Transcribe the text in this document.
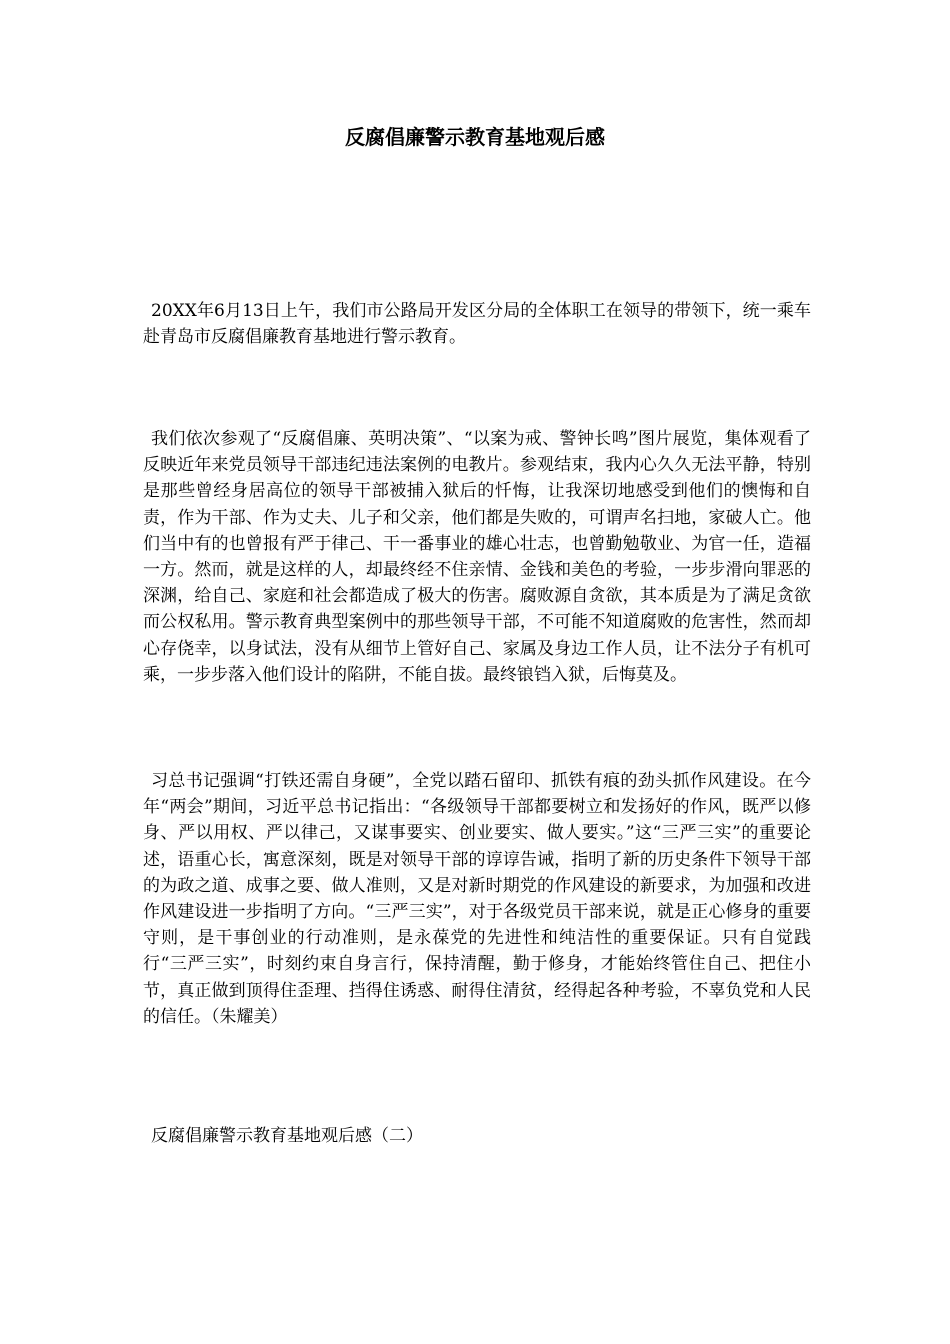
反腐倡廉警示教育基地观后感

20XX年6月13日上午，我们市公路局开发区分局的全体职工在领导的带领下，统一乘车赴青岛市反腐倡廉教育基地进行警示教育。

我们依次参观了“反腐倡廉、英明决策”、“以案为戒、警钟长鸣”图片展览，集体观看了反映近年来党员领导干部违纪违法案例的电教片。参观结束，我内心久久无法平静，特别是那些曾经身居高位的领导干部被捕入狱后的忏悔，让我深切地感受到他们的懊悔和自责，作为干部、作为丈夫、儿子和父亲，他们都是失败的，可谓声名扫地，家破人亡。他们当中有的也曾报有严于律己、干一番事业的雄心壮志，也曾勤勉敬业、为官一任，造福一方。然而，就是这样的人，却最终经不住亲情、金钱和美色的考验，一步步滑向罪恶的深渊，给自己、家庭和社会都造成了极大的伤害。腐败源自贪欲，其本质是为了满足贪欲而公权私用。警示教育典型案例中的那些领导干部，不可能不知道腐败的危害性，然而却心存侥幸，以身试法，没有从细节上管好自己、家属及身边工作人员，让不法分子有机可乘，一步步落入他们设计的陷阱，不能自拔。最终锒铛入狱，后悔莫及。

习总书记强调“打铁还需自身硬”，全党以踏石留印、抓铁有痕的劲头抓作风建设。在今年“两会”期间，习近平总书记指出：“各级领导干部都要树立和发扬好的作风，既严以修身、严以用权、严以律己，又谋事要实、创业要实、做人要实。”这“三严三实”的重要论述，语重心长，寓意深刻，既是对领导干部的谆谆告诫，指明了新的历史条件下领导干部的为政之道、成事之要、做人准则，又是对新时期党的作风建设的新要求，为加强和改进作风建设进一步指明了方向。“三严三实”，对于各级党员干部来说，就是正心修身的重要守则，是干事创业的行动准则，是永葆党的先进性和纯洁性的重要保证。只有自觉践行“三严三实”，时刻约束自身言行，保持清醒，勤于修身，才能始终管住自己、把住小节，真正做到顶得住歪理、挡得住诱惑、耐得住清贫，经得起各种考验，不辜负党和人民的信任。（朱耀美）

反腐倡廉警示教育基地观后感（二）
